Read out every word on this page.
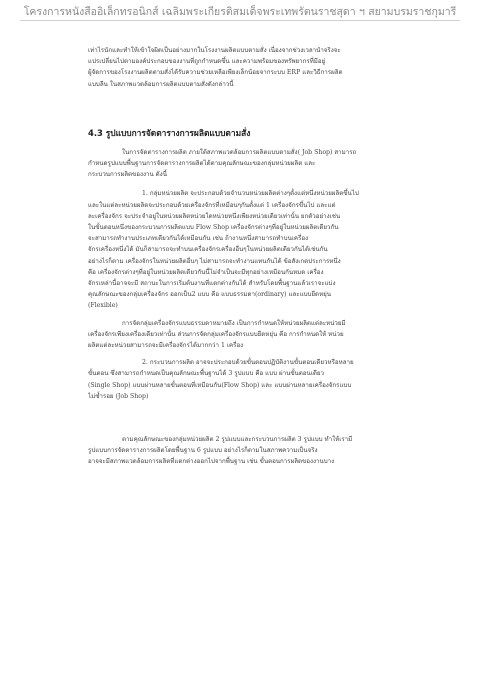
โครงการหนังสืออิเล็กทรอนิกส์ เฉลิมพระเกียรติสมเด็จพระเทพรัตนราชสุดา ฯ สยามบรมราชกุมารี
เท่าไรนักและทำให้เข้าใจผิดเป็นอย่างมากในโรงงานผลิตแบบตามสั่ง เนื่องจากช่วงเวลานำจริงจะ
แปรเปลี่ยนไปตามองค์ประกอบของงานที่ถูกกำหนดขึ้น และความพร้อมของทรัพยากรที่มีอยู่
ผู้จัดการของโรงงานผลิตตามสั่งได้รับความช่วยเหลือเพียงเล็กน้อยจากระบบ ERP และวิธีการผลิต
แบบลีน ในสภาพแวดล้อมการผลิตแบบตามสั่งดังกล่าวนี้
4.3 รูปแบบการจัดตารางการผลิตแบบตามสั่ง
ในการจัดตารางการผลิต ภายใต้สภาพแวดล้อมการผลิตแบบตามสั่ง( Job Shop) สามารถ
กำหนดรูปแบบพื้นฐานการจัดตารางการผลิตได้ตามคุณลักษณะของกลุ่มหน่วยผลิต และ
กระบวนการผลิตของงาน ดังนี้
1. กลุ่มหน่วยผลิต จะประกอบด้วยจำนวนหน่วยผลิตต่างๆตั้งแต่หนึ่งหน่วยผลิตขึ้นไป
และในแต่ละหน่วยผลิตจะประกอบด้วยเครื่องจักรที่เหมือนๆกันตั้งแต่ 1 เครื่องจักรขึ้นไป และแต่
ละเครื่องจักร จะประจำอยู่ในหน่วยผลิตหน่วยใดหน่วยหนึ่งเพียงหน่วยเดียวเท่านั้น ยกตัวอย่างเช่น
ในขั้นตอนหนึ่งของกระบวนการผลิตแบบ Flow Shop เครื่องจักรต่างๆที่อยู่ในหน่วยผลิตเดียวกัน
จะสามารถทำงานประเภทเดียวกันได้เหมือนกัน เช่น ถ้างานหนึ่งสามารถทำบนเครื่อง
จักรเครื่องหนึ่งได้ มันก็สามารถจะทำบนเครื่องจักรเครื่องอื่นๆในหน่วยผลิตเดียวกันได้เช่นกัน
อย่างไรก็ตาม เครื่องจักรในหน่วยผลิตอื่นๆ ไม่สามารถจะทำงานแทนกันได้ ข้อสังเกตประการหนึ่ง
คือ เครื่องจักรต่างๆที่อยู่ในหน่วยผลิตเดียวกันนี้ไม่จำเป็นจะมีทุกอย่างเหมือนกันหมด เครื่อง
จักรเหล่านี้อาจจะมี สถานะในการเริ่มต้นงานที่แตกต่างกันได้ สำหรับโดยพื้นฐานแล้วเราจะแบ่ง
คุณลักษณะของกลุ่มเครื่องจักร ออกเป็น2 แบบ คือ แบบธรรมดา(ordinary) และแบบยืดหยุ่น
(Flexible)
การจัดกลุ่มเครื่องจักรแบบธรรมดาหมายถึง เป็นการกำหนดให้หน่วยผลิตแต่ละหน่วยมี
เครื่องจักรเพียงเครื่องเดียวเท่านั้น ส่วนการจัดกลุ่มเครื่องจักรแบบยืดหยุ่น คือ การกำหนดให้ หน่วย
ผลิตแต่ละหน่วยสามารถจะมีเครื่องจักรได้มากกว่า 1 เครื่อง
2. กระบวนการผลิต อาจจะประกอบด้วยขั้นตอนปฏิบัติงานขั้นตอนเดียวหรือหลาย
ขั้นตอน ซึ่งสามารถกำหนดเป็นคุณลักษณะพื้นฐานได้ 3 รูปแบบ คือ แบบ ผ่านขั้นตอนเดียว
(Single Shop) แบบผ่านหลายขั้นตอนที่เหมือนกัน(Flow Shop) และ แบบผ่านหลายเครื่องจักรแบบ
ไม่ซ้ำรอย (Job Shop)
ตามคุณลักษณะของกลุ่มหน่วยผลิต 2 รูปแบบและกระบวนการผลิต 3 รูปแบบ ทำให้เรามี
รูปแบบการจัดตารางการผลิตโดยพื้นฐาน 6 รูปแบบ อย่างไรก็ตามในสภาพความเป็นจริง
อาจจะมีสภาพแวดล้อมการผลิตที่แตกต่างออกไปจากพื้นฐาน เช่น ขั้นตอนการผลิตของงานบาง
